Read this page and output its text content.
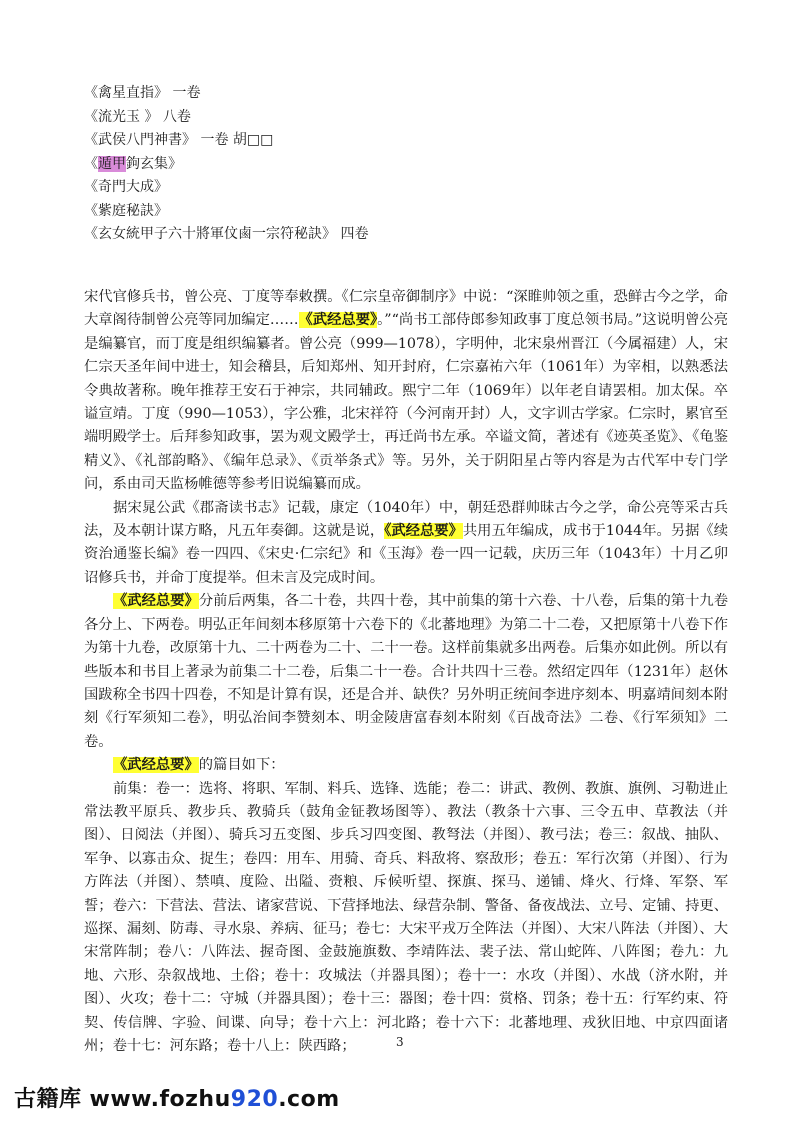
《禽星直指》 一卷
《流光玉 》 八卷
《武侯八門神書》 一卷 胡□□
《遁甲鉤玄集》
《奇門大成》
《紫庭秘訣》
《玄女統甲子六十將軍伩鹵一宗符秘訣》 四卷

宋代官修兵书，曾公亮、丁度等奉敕撰。《仁宗皇帝御制序》中说：“深睢帅领之重，恐鲜古今之学，命大章阁待制曾公亮等同加编定……《武经总要》。”“尚书工部侍郎参知政事丁度总领书局。”这说明曾公亮是编纂官，而丁度是组织编纂者。曾公亮（999—1078），字明仲，北宋泉州晋江（今属福建）人，宋仁宗天圣年间中进士，知会稽县，后知郑州、知开封府，仁宗嘉祐六年（1061年）为宰相，以熟悉法令典故著称。晚年推荐王安石于神宗，共同辅政。熙宁二年（1069年）以年老自请罢相。加太保。卒谥宣靖。丁度（990—1053），字公雅，北宋祥符（今河南开封）人，文字训古学家。仁宗时，累官至端明殿学士。后拜参知政事，罢为观文殿学士，再迁尚书左承。卒谥文简，著述有《迹英圣览》、《龟鉴精义》、《礼部韵略》、《编年总录》、《贡举条式》等。另外，关于阴阳星占等内容是为古代军中专门学问，系由司天监杨帷德等参考旧说编纂而成。

据宋晁公武《郡斋读书志》记载，康定（1040年）中，朝廷恐群帅昧古今之学，命公亮等采古兵法，及本朝计谋方略，凡五年奏御。这就是说，《武经总要》共用五年编成，成书于1044年。另据《续资治通鉴长编》卷一四四、《宋史·仁宗纪》和《玉海》卷一四一记载，庆历三年（1043年）十月乙卯诏修兵书，并命丁度提举。但未言及完成时间。

《武经总要》分前后两集，各二十卷，共四十卷，其中前集的第十六卷、十八卷，后集的第十九卷各分上、下两卷。明弘正年间刻本移原第十六卷下的《北蕃地理》为第二十二卷，又把原第十八卷下作为第十九卷，改原第十九、二十两卷为二十、二十一卷。这样前集就多出两卷。后集亦如此例。所以有些版本和书目上著录为前集二十二卷，后集二十一卷。合计共四十三卷。然绍定四年（1231年）赵休国跋称全书四十四卷，不知是计算有误，还是合并、缺佚？另外明正统间李进序刻本、明嘉靖间刻本附刻《行军须知二卷》，明弘治间李赞刻本、明金陵唐富春刻本附刻《百战奇法》二卷、《行军须知》二卷。

《武经总要》的篇目如下：

前集：卷一：选将、将职、军制、料兵、选锋、选能；卷二：讲武、教例、教旗、旗例、习勒进止常法教平原兵、教步兵、教骑兵（鼓角金钲教场图等）、教法（教条十六事、三令五申、草教法（并图）、日阅法（并图）、骑兵习五变图、步兵习四变图、教弩法（并图）、教弓法；卷三：叙战、抽队、军争、以寡击众、捉生；卷四：用车、用骑、奇兵、料敌将、察敌形；卷五：军行次第（并图）、行为方阵法（并图）、禁嗔、度险、出隘、赍粮、斥候听望、探旗、探马、递铺、烽火、行烽、军祭、军誓；卷六：下营法、营法、诸家营说、下营择地法、绿营杂制、警备、备夜战法、立号、定铺、持更、巡探、漏刻、防毒、寻水泉、养病、征马；卷七：大宋平戎万全阵法（并图）、大宋八阵法（并图）、大宋常阵制；卷八：八阵法、握奇图、金鼓施旗数、李靖阵法、裴子法、常山蛇阵、八阵图；卷九：九地、六形、杂叙战地、土俗；卷十：攻城法（并器具图）；卷十一：水攻（并图）、水战（济水附，并图）、火攻；卷十二：守城（并器具图）；卷十三：器图；卷十四：赏格、罚条；卷十五：行军约束、符契、传信牌、字验、间谍、向导；卷十六上：河北路；卷十六下：北蕃地理、戎狄旧地、中京四面诸州；卷十七：河东路；卷十八上：陕西路；	3
古籍库 www.fozhu920.com
